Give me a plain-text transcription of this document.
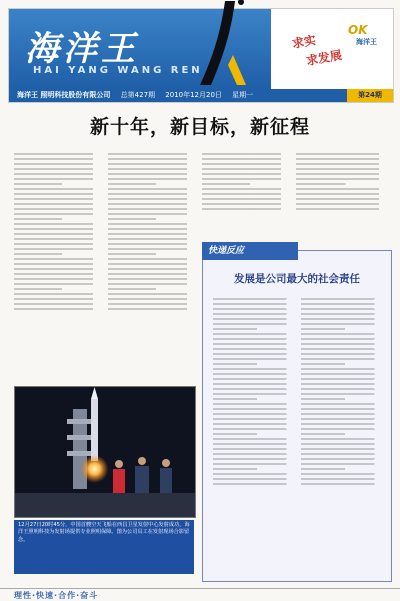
海洋王
HAI YANG WANG REN
求实
求发展
OK
海洋王
海洋王 照明科技股份有限公司 总第427期 2010年12月20日 星期一	第24期
新十年，新目标，新征程
快递反应
发展是公司最大的社会责任
12月27日20时45分，中国首艘空天飞船在西昌卫星发射中心发射成功，海洋王照明科技为发射场提供专业照明保障。图为公司员工在发射现场合影留念。
理性·快速·合作·奋斗
